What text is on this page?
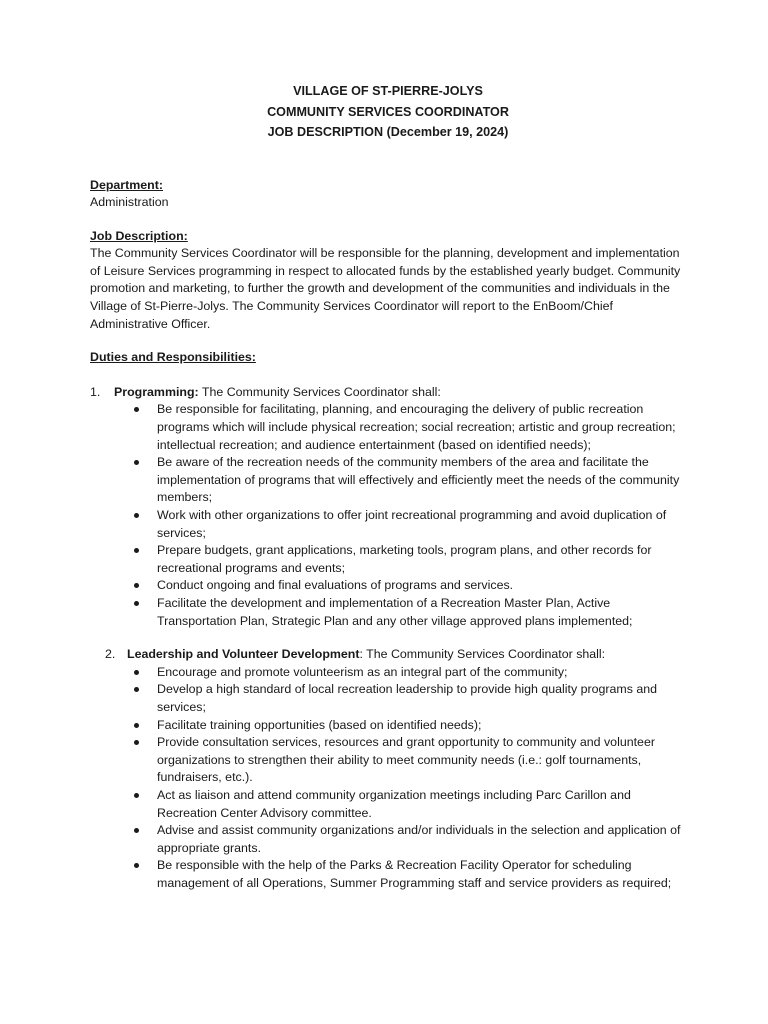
VILLAGE OF ST-PIERRE-JOLYS
COMMUNITY SERVICES COORDINATOR
JOB DESCRIPTION (December 19, 2024)
Department:
Administration
Job Description:
The Community Services Coordinator will be responsible for the planning, development and implementation of Leisure Services programming in respect to allocated funds by the established yearly budget. Community promotion and marketing, to further the growth and development of the communities and individuals in the Village of St-Pierre-Jolys. The Community Services Coordinator will report to the EnBoom/Chief Administrative Officer.
Duties and Responsibilities:
1. Programming: The Community Services Coordinator shall:
Be responsible for facilitating, planning, and encouraging the delivery of public recreation programs which will include physical recreation; social recreation; artistic and group recreation; intellectual recreation; and audience entertainment (based on identified needs);
Be aware of the recreation needs of the community members of the area and facilitate the implementation of programs that will effectively and efficiently meet the needs of the community members;
Work with other organizations to offer joint recreational programming and avoid duplication of services;
Prepare budgets, grant applications, marketing tools, program plans, and other records for recreational programs and events;
Conduct ongoing and final evaluations of programs and services.
Facilitate the development and implementation of a Recreation Master Plan, Active Transportation Plan, Strategic Plan and any other village approved plans implemented;
2. Leadership and Volunteer Development: The Community Services Coordinator shall:
Encourage and promote volunteerism as an integral part of the community;
Develop a high standard of local recreation leadership to provide high quality programs and services;
Facilitate training opportunities (based on identified needs);
Provide consultation services, resources and grant opportunity to community and volunteer organizations to strengthen their ability to meet community needs (i.e.: golf tournaments, fundraisers, etc.).
Act as liaison and attend community organization meetings including Parc Carillon and Recreation Center Advisory committee.
Advise and assist community organizations and/or individuals in the selection and application of appropriate grants.
Be responsible with the help of the Parks & Recreation Facility Operator for scheduling management of all Operations, Summer Programming staff and service providers as required;
